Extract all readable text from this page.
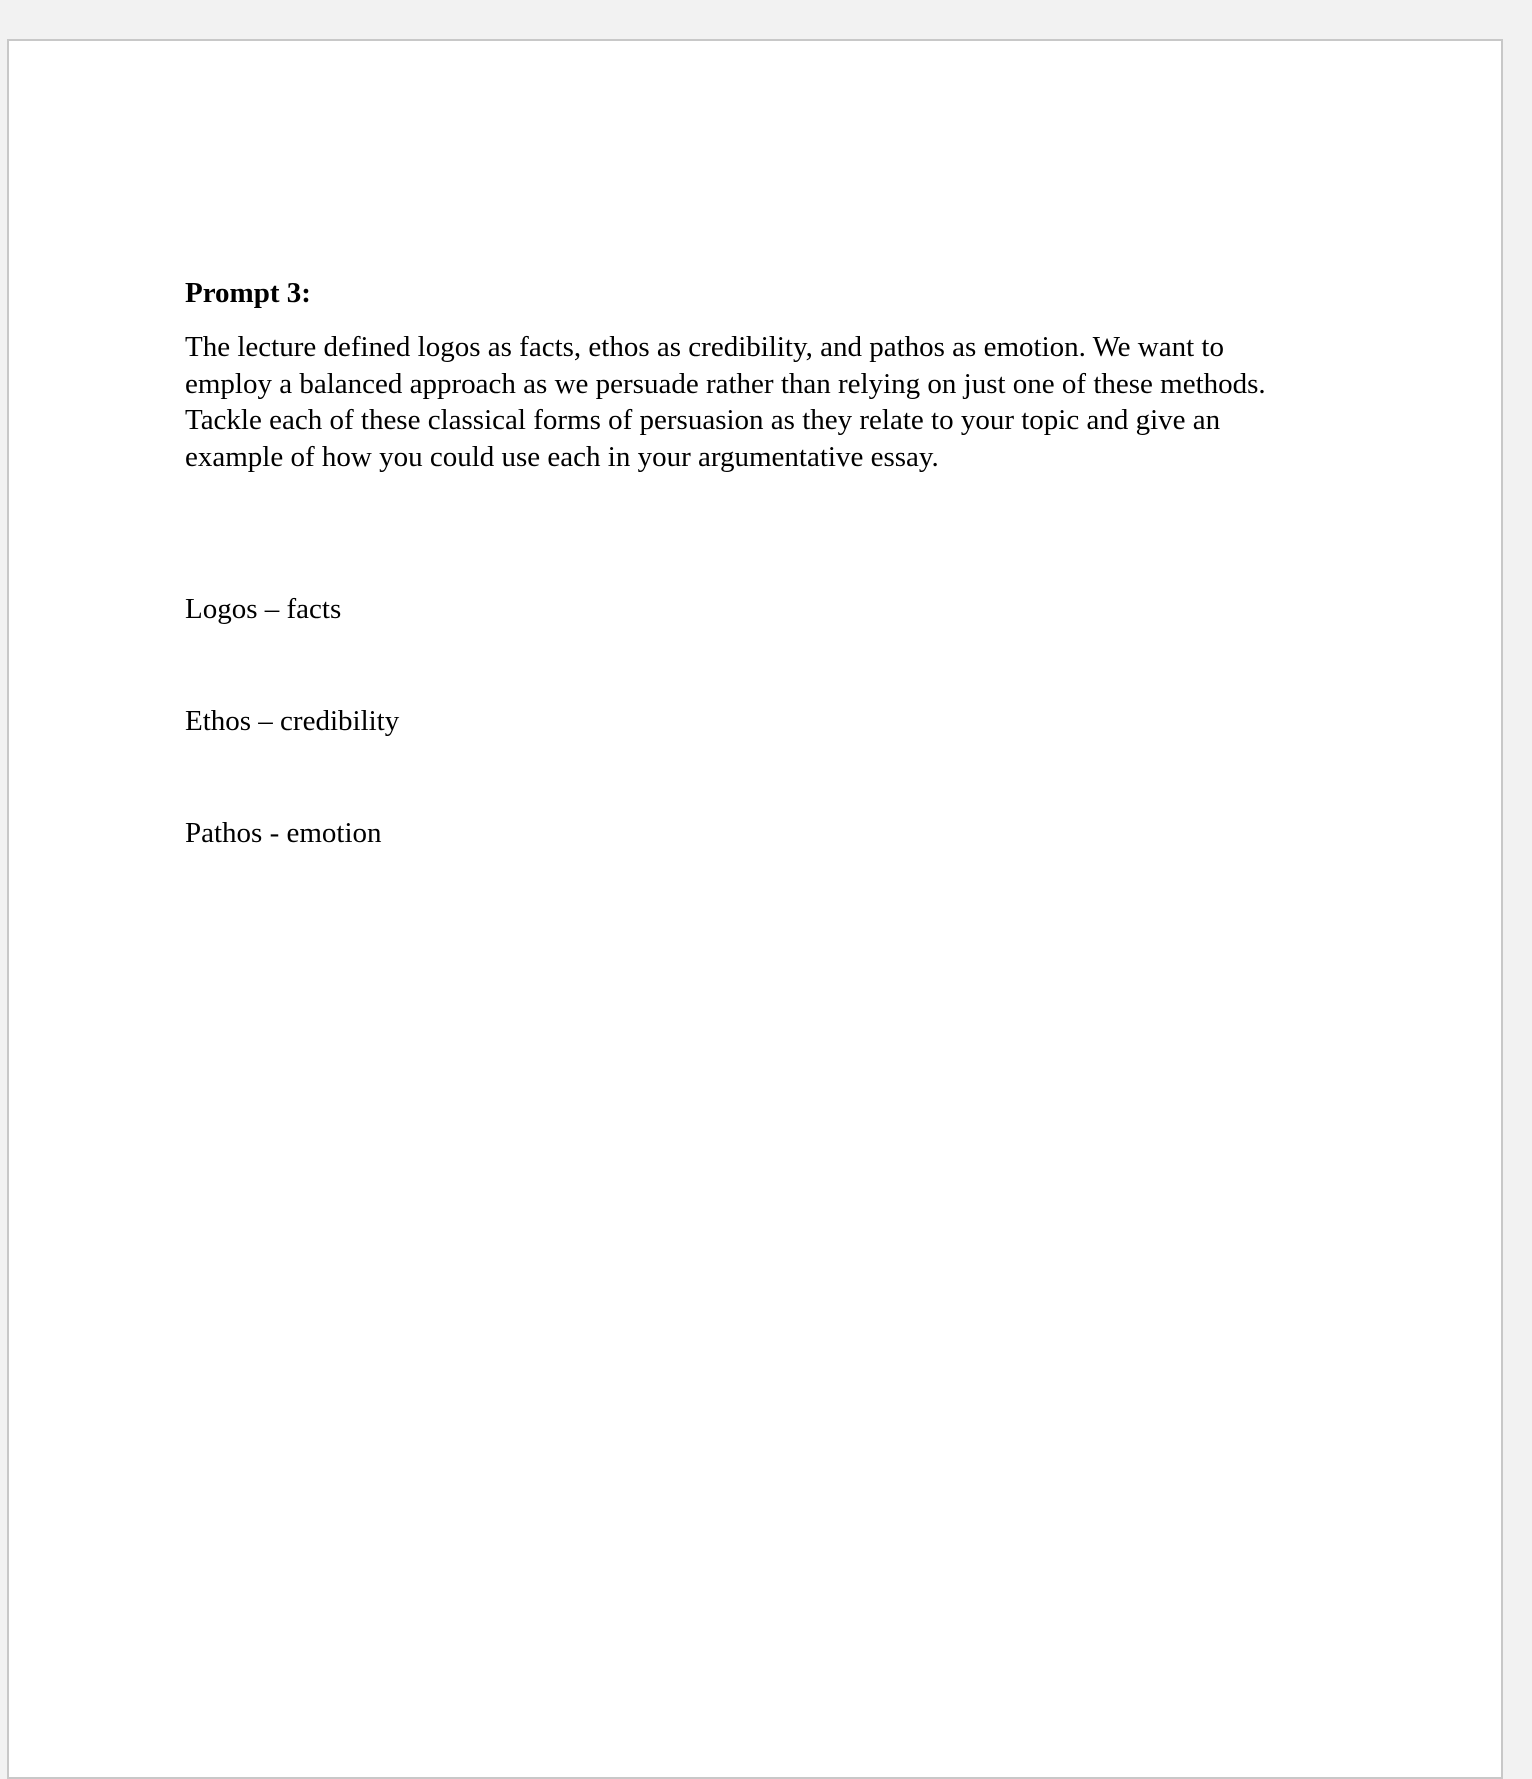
Prompt 3:

The lecture defined logos as facts, ethos as credibility, and pathos as emotion. We want to
employ a balanced approach as we persuade rather than relying on just one of these methods.
Tackle each of these classical forms of persuasion as they relate to your topic and give an
example of how you could use each in your argumentative essay.

Logos – facts

Ethos – credibility

Pathos - emotion
